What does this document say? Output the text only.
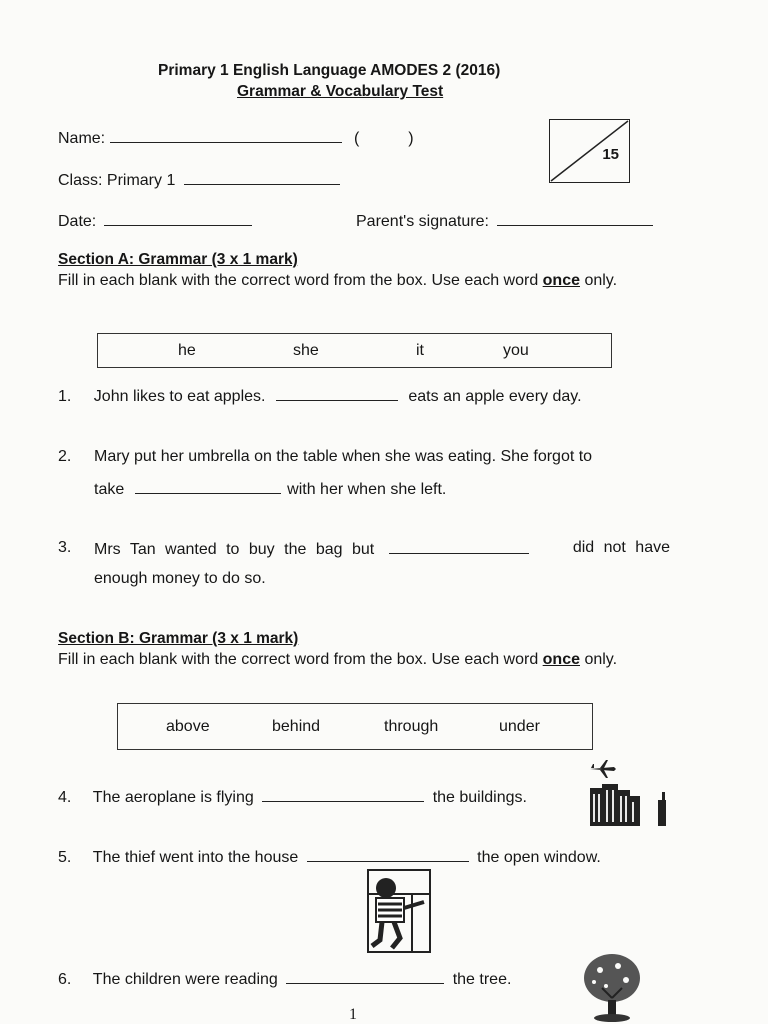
Primary 1 English Language AMODES 2 (2016)
Grammar & Vocabulary Test
Name:	(	)
Class: Primary 1
Date:	Parent's signature:
15
Section A: Grammar (3 x 1 mark)
Fill in each blank with the correct word from the box. Use each word once only.
he	she	it	you
1. John likes to eat apples.	eats an apple every day.
2. Mary put her umbrella on the table when she was eating. She forgot to
take	with her when she left.
3. Mrs Tan wanted to buy the bag but	did not have
enough money to do so.
Section B: Grammar (3 x 1 mark)
Fill in each blank with the correct word from the box. Use each word once only.
above	behind	through	under
4. The aeroplane is flying	the buildings.
5. The thief went into the house	the open window.
6. The children were reading	the tree.
1
